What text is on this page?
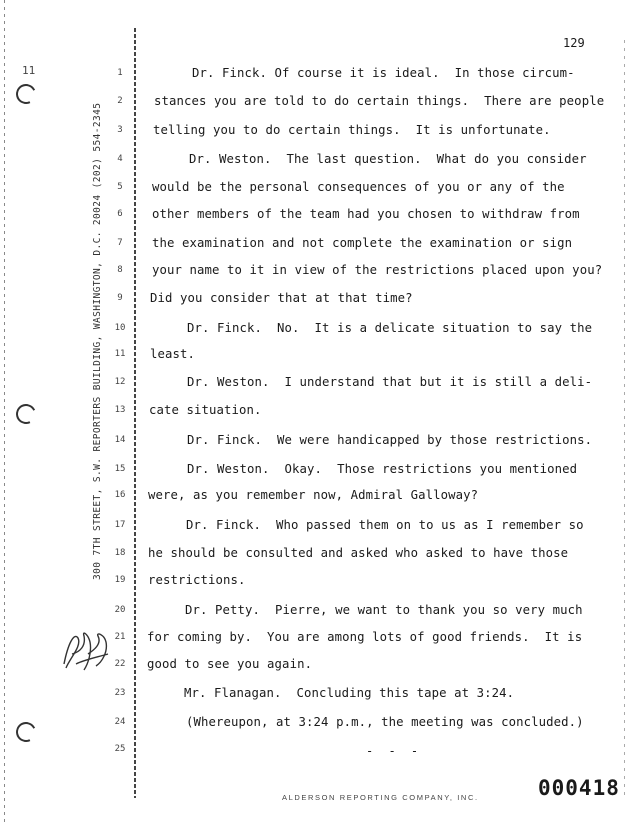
11
129
300 7TH STREET, S.W. REPORTERS BUILDING, WASHINGTON, D.C. 20024 (202) 554-2345
1
2
3
4
5
6
7
8
9
10
11
12
13
14
15
16
17
18
19
20
21
22
23
24
25
Dr. Finck. Of course it is ideal.  In those circum-
stances you are told to do certain things.  There are people
telling you to do certain things.  It is unfortunate.
Dr. Weston.  The last question.  What do you consider
would be the personal consequences of you or any of the
other members of the team had you chosen to withdraw from
the examination and not complete the examination or sign
your name to it in view of the restrictions placed upon you?
Did you consider that at that time?
Dr. Finck.  No.  It is a delicate situation to say the
least.
Dr. Weston.  I understand that but it is still a deli-
cate situation.
Dr. Finck.  We were handicapped by those restrictions.
Dr. Weston.  Okay.  Those restrictions you mentioned
were, as you remember now, Admiral Galloway?
Dr. Finck.  Who passed them on to us as I remember so
he should be consulted and asked who asked to have those
restrictions.
Dr. Petty.  Pierre, we want to thank you so very much
for coming by.  You are among lots of good friends.  It is
good to see you again.
Mr. Flanagan.  Concluding this tape at 3:24.
(Whereupon, at 3:24 p.m., the meeting was concluded.)
- - -
ALDERSON REPORTING COMPANY, INC.	000418
